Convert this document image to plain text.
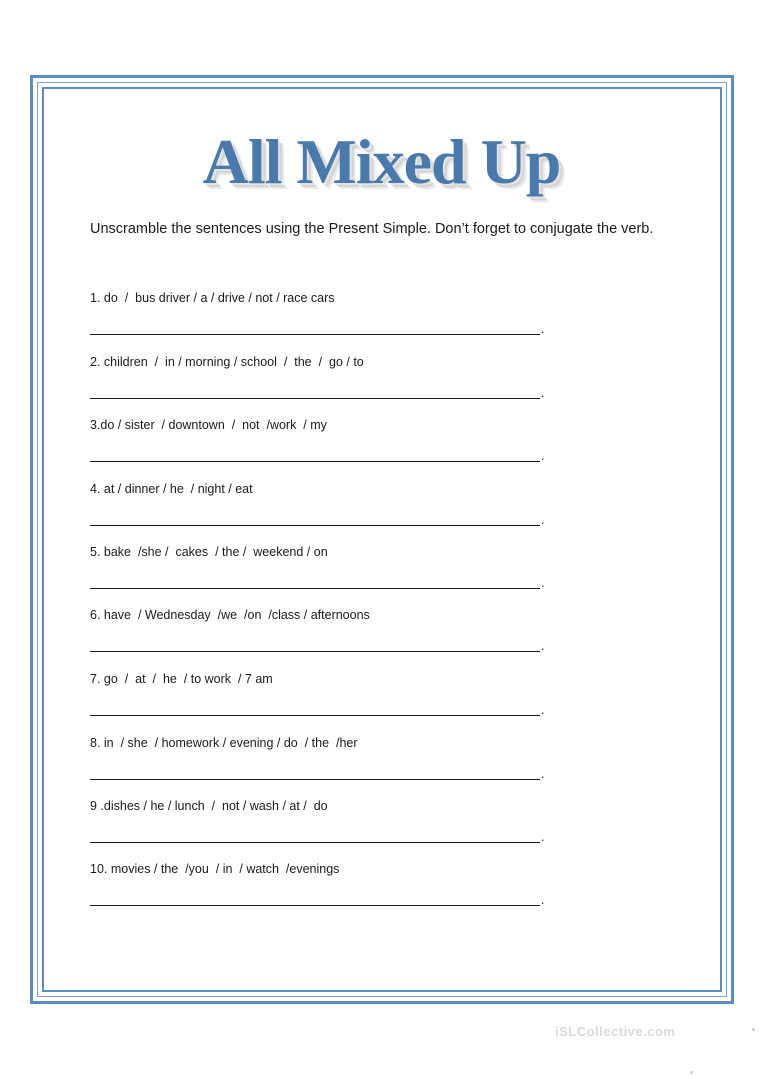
All Mixed Up

Unscramble the sentences using the Present Simple. Don’t forget to conjugate the verb.

1. do  /  bus driver / a / drive / not / race cars
.
2. children  /  in / morning / school  /  the  /  go / to
.
3.do / sister  / downtown  /  not  /work  / my
.
4. at / dinner / he  / night / eat
.
5. bake  /she /  cakes  / the /  weekend / on
.
6. have  / Wednesday  /we  /on  /class / afternoons
.
7. go  /  at  /  he  / to work  / 7 am
.
8. in  / she  / homework / evening / do  / the  /her
.
9 .dishes / he / lunch  /  not / wash / at /  do
.
10. movies / the  /you  / in  / watch  /evenings
.
iSLCollective.com
